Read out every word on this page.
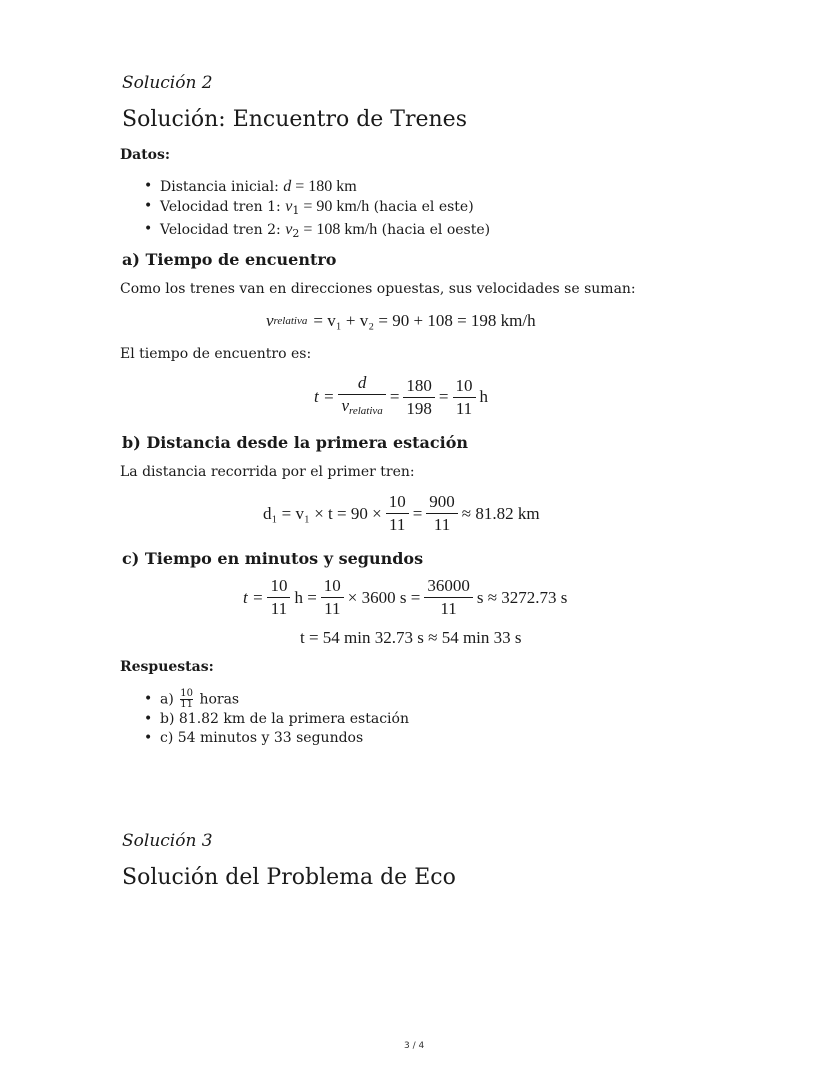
Solución 2
Solución: Encuentro de Trenes
Datos:
• Distancia inicial: d = 180 km
• Velocidad tren 1: $v_1 = 90$ km/h (hacia el este)
• Velocidad tren 2: $v_2 = 108$ km/h (hacia el oeste)
a) Tiempo de encuentro
Como los trenes van en direcciones opuestas, sus velocidades se suman:
v relativa = v₁ + v₂ = 90 + 108 = 198 km/h
El tiempo de encuentro es:
$t = \frac{d}{v_{relativa}} = \frac{180}{198} = \frac{10}{11}$ h
b) Distancia desde la primera estación
La distancia recorrida por el primer tren:
$d_1 = v_1 \times t = 90 \times \frac{10}{11} = \frac{900}{11} \approx 81.82$ km
c) Tiempo en minutos y segundos
$t = \frac{10}{11}$ $h = \frac{10}{11} \times 3600$ $s = \frac{36000}{11}$ s ≈ 3272.73 s
t = 54 min 32.73 s ≈ 54 min 33 s
Respuestas:
• $a) \frac{10}{11}$ horas
• b) 81.82 km de la primera estación
• c) 54 minutos y 33 segundos
Solución 3
Solución del Problema de Eco
3 / 4
